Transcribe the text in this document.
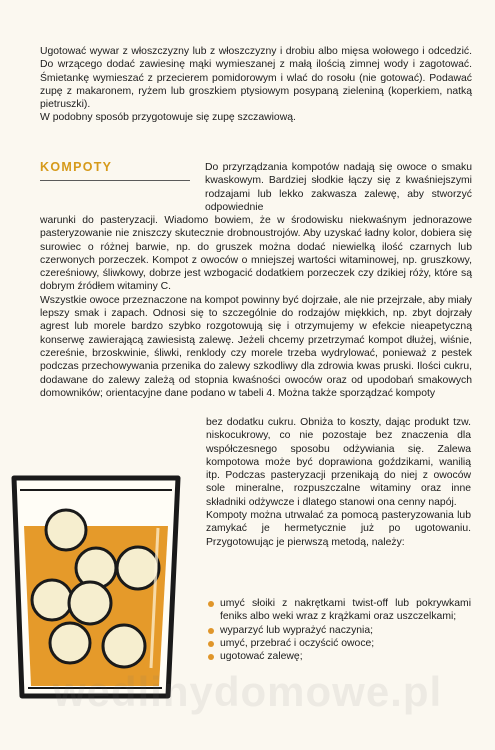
Ugotować wywar z włoszczyzny lub z włoszczyzny i drobiu albo mięsa wołowego i odcedzić. Do wrzącego dodać zawiesinę mąki wymieszanej z małą ilością zimnej wody i zagotować. Śmietankę wymieszać z przecierem pomidorowym i wlać do rosołu (nie gotować). Podawać zupę z makaronem, ryżem lub groszkiem ptysiowym posypaną zieleniną (koperkiem, natką pietruszki).

W podobny sposób przygotowuje się zupę szczawiową.

KOMPOTY	Do przyrządzania kompotów nadają się owoce o smaku kwaskowym. Bardziej słodkie łączy się z kwaśniejszymi rodzajami lub lekko zakwasza zalewę, aby stworzyć odpowiednie

warunki do pasteryzacji. Wiadomo bowiem, że w środowisku niekwaśnym jednorazowe pasteryzowanie nie zniszczy skutecznie drobnoustrojów. Aby uzyskać ładny kolor, dobiera się surowiec o różnej barwie, np. do gruszek można dodać niewielką ilość czarnych lub czerwonych porzeczek. Kompot z owoców o mniejszej wartości witaminowej, np. gruszkowy, czereśniowy, śliwkowy, dobrze jest wzbogacić dodatkiem porzeczek czy dzikiej róży, które są dobrym źródłem witaminy C.

Wszystkie owoce przeznaczone na kompot powinny być dojrzałe, ale nie przejrzałe, aby miały lepszy smak i zapach. Odnosi się to szczególnie do rodzajów miękkich, np. zbyt dojrzały agrest lub morele bardzo szybko rozgotowują się i otrzymujemy w efekcie nieapetyczną konserwę zawierającą zawiesistą zalewę. Jeżeli chcemy przetrzymać kompot dłużej, wiśnie, czereśnie, brzoskwinie, śliwki, renklody czy morele trzeba wydrylować, ponieważ z pestek podczas przechowywania przenika do zalewy szkodliwy dla zdrowia kwas pruski. Ilości cukru, dodawane do zalewy zależą od stopnia kwaśności owoców oraz od upodobań smakowych domowników; orientacyjne dane podano w tabeli 4. Można także sporządzać kompoty

bez dodatku cukru. Obniża to koszty, dając produkt tzw. niskocukrowy, co nie pozostaje bez znaczenia dla współczesnego sposobu odżywiania się. Zalewa kompotowa może być doprawiona goździkami, wanilią itp. Podczas pasteryzacji przenikają do niej z owoców sole mineralne, rozpuszczalne witaminy oraz inne składniki odżywcze i dlatego stanowi ona cenny napój.

Kompoty można utrwalać za pomocą pasteryzowania lub zamykać je hermetycznie już po ugotowaniu. Przygotowując je pierwszą metodą, należy:

umyć słoiki z nakrętkami twist-off lub pokrywkami feniks albo weki wraz z krążkami oraz uszczelkami;
wyparzyć lub wyprażyć naczynia;
umyć, przebrać i oczyścić owoce;
ugotować zalewę;
wedlinydomowe.pl
